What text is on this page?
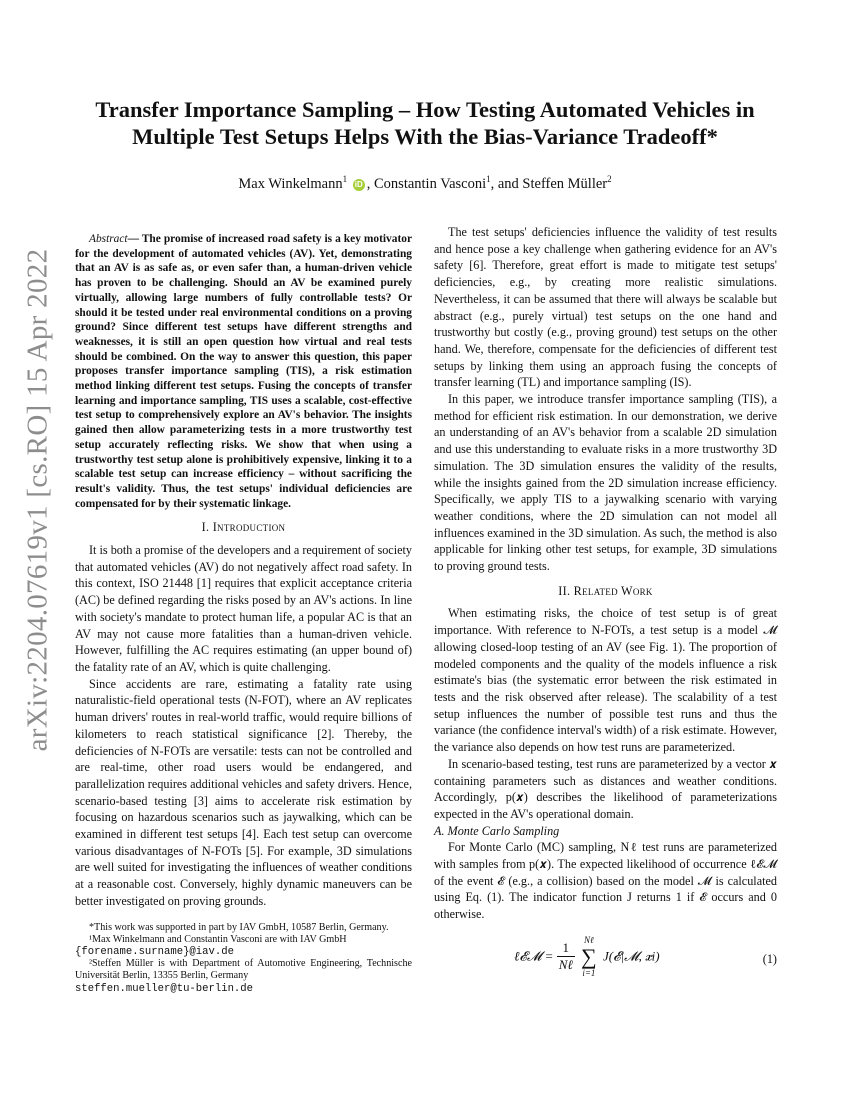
arXiv:2204.07619v1 [cs.RO] 15 Apr 2022
Transfer Importance Sampling – How Testing Automated Vehicles in Multiple Test Setups Helps With the Bias-Variance Tradeoff*
Max Winkelmann$^1$ iD , Constantin Vasconi$^1$, and Steffen Müller$^2$

Abstract— The promise of increased road safety is a key motivator for the development of automated vehicles (AV). Yet, demonstrating that an AV is as safe as, or even safer than, a human-driven vehicle has proven to be challenging. Should an AV be examined purely virtually, allowing large numbers of fully controllable tests? Or should it be tested under real environmental conditions on a proving ground? Since different test setups have different strengths and weaknesses, it is still an open question how virtual and real tests should be combined. On the way to answer this question, this paper proposes transfer importance sampling (TIS), a risk estimation method linking different test setups. Fusing the concepts of transfer learning and importance sampling, TIS uses a scalable, cost-effective test setup to comprehensively explore an AV's behavior. The insights gained then allow parameterizing tests in a more trustworthy test setup accurately reflecting risks. We show that when using a trustworthy test setup alone is prohibitively expensive, linking it to a scalable test setup can increase efficiency – without sacrificing the result's validity. Thus, the test setups' individual deficiencies are compensated for by their systematic linkage.

I. Introduction

It is both a promise of the developers and a requirement of society that automated vehicles (AV) do not negatively affect road safety. In this context, ISO 21448 [1] requires that explicit acceptance criteria (AC) be defined regarding the risks posed by an AV's actions. In line with society's mandate to protect human life, a popular AC is that an AV may not cause more fatalities than a human-driven vehicle. However, fulfilling the AC requires estimating (an upper bound of) the fatality rate of an AV, which is quite challenging.

Since accidents are rare, estimating a fatality rate using naturalistic-field operational tests (N-FOT), where an AV replicates human drivers' routes in real-world traffic, would require billions of kilometers to reach statistical significance [2]. Thereby, the deficiencies of N-FOTs are versatile: tests can not be controlled and are real-time, other road users would be endangered, and parallelization requires additional vehicles and safety drivers. Hence, scenario-based testing [3] aims to accelerate risk estimation by focusing on hazardous scenarios such as jaywalking, which can be examined in different test setups [4]. Each test setup can overcome various disadvantages of N-FOTs [5]. For example, 3D simulations are well suited for investigating the influences of weather conditions at a reasonable cost. Conversely, highly dynamic maneuvers can be better investigated on proving grounds.

*This work was supported in part by IAV GmbH, 10587 Berlin, Germany.

¹Max Winkelmann and Constantin Vasconi are with IAV GmbH
{forename.surname}@iav.de

²Steffen Müller is with Department of Automotive Engineering, Technische Universität Berlin, 13355 Berlin, Germany
steffen.mueller@tu-berlin.de

The test setups' deficiencies influence the validity of test results and hence pose a key challenge when gathering evidence for an AV's safety [6]. Therefore, great effort is made to mitigate test setups' deficiencies, e.g., by creating more realistic simulations. Nevertheless, it can be assumed that there will always be scalable but abstract (e.g., purely virtual) test setups on the one hand and trustworthy but costly (e.g., proving ground) test setups on the other hand. We, therefore, compensate for the deficiencies of different test setups by linking them using an approach fusing the concepts of transfer learning (TL) and importance sampling (IS).

In this paper, we introduce transfer importance sampling (TIS), a method for efficient risk estimation. In our demonstration, we derive an understanding of an AV's behavior from a scalable 2D simulation and use this understanding to evaluate risks in a more trustworthy 3D simulation. The 3D simulation ensures the validity of the results, while the insights gained from the 2D simulation increase efficiency. Specifically, we apply TIS to a jaywalking scenario with varying weather conditions, where the 2D simulation can not model all influences examined in the 3D simulation. As such, the method is also applicable for linking other test setups, for example, 3D simulations to proving ground tests.

II. Related Work

When estimating risks, the choice of test setup is of great importance. With reference to N-FOTs, a test setup is a model 𝓜 allowing closed-loop testing of an AV (see Fig. 1). The proportion of modeled components and the quality of the models influence a risk estimate's bias (the systematic error between the risk estimated in tests and the risk observed after release). The scalability of a test setup influences the number of possible test runs and thus the variance (the confidence interval's width) of a risk estimate. However, the variance also depends on how test runs are parameterized.

In scenario-based testing, test runs are parameterized by a vector 𝒙 containing parameters such as distances and weather conditions. Accordingly, p(𝒙) describes the likelihood of parameterizations expected in the AV's operational domain.

A. Monte Carlo Sampling

For Monte Carlo (MC) sampling, Nℓ test runs are parameterized with samples from p(𝒙). The expected likelihood of occurrence ℓ𝓔𝓜 of the event 𝓔 (e.g., a collision) based on the model 𝓜 is calculated using Eq. (1). The indicator function J returns 1 if 𝓔 occurs and 0 otherwise.

ℓ𝓔𝓜 = $\frac{1}{\text{Nℓ}}$
	Nℓ
∑
i=1
J(𝓔|𝓜, 𝒙i)	(1)
